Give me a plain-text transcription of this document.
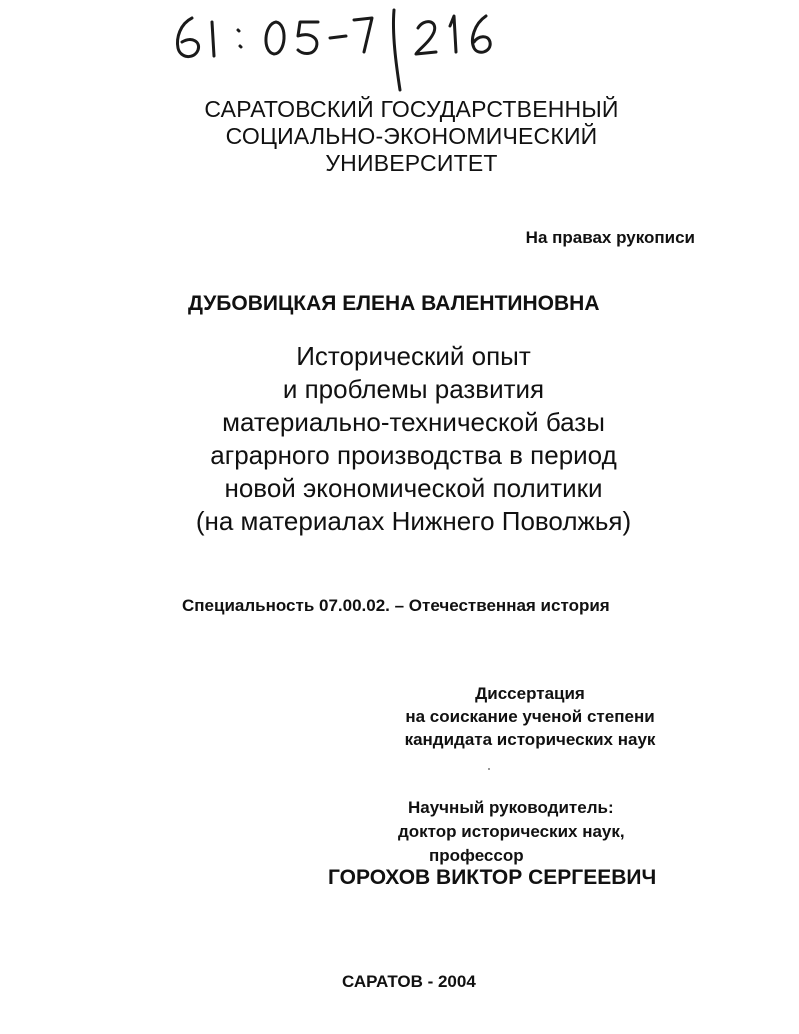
САРАТОВСКИЙ ГОСУДАРСТВЕННЫЙ
СОЦИАЛЬНО-ЭКОНОМИЧЕСКИЙ
УНИВЕРСИТЕТ
На правах рукописи
ДУБОВИЦКАЯ ЕЛЕНА ВАЛЕНТИНОВНА
Исторический опыт
и проблемы развития
материально-технической базы
аграрного производства в период
новой экономической политики
(на материалах Нижнего Поволжья)
Специальность 07.00.02. – Отечественная история
Диссертация
на соискание ученой степени
кандидата исторических наук
Научный руководитель:
доктор исторических наук,
профессор
ГОРОХОВ ВИКТОР СЕРГЕЕВИЧ
САРАТОВ - 2004
